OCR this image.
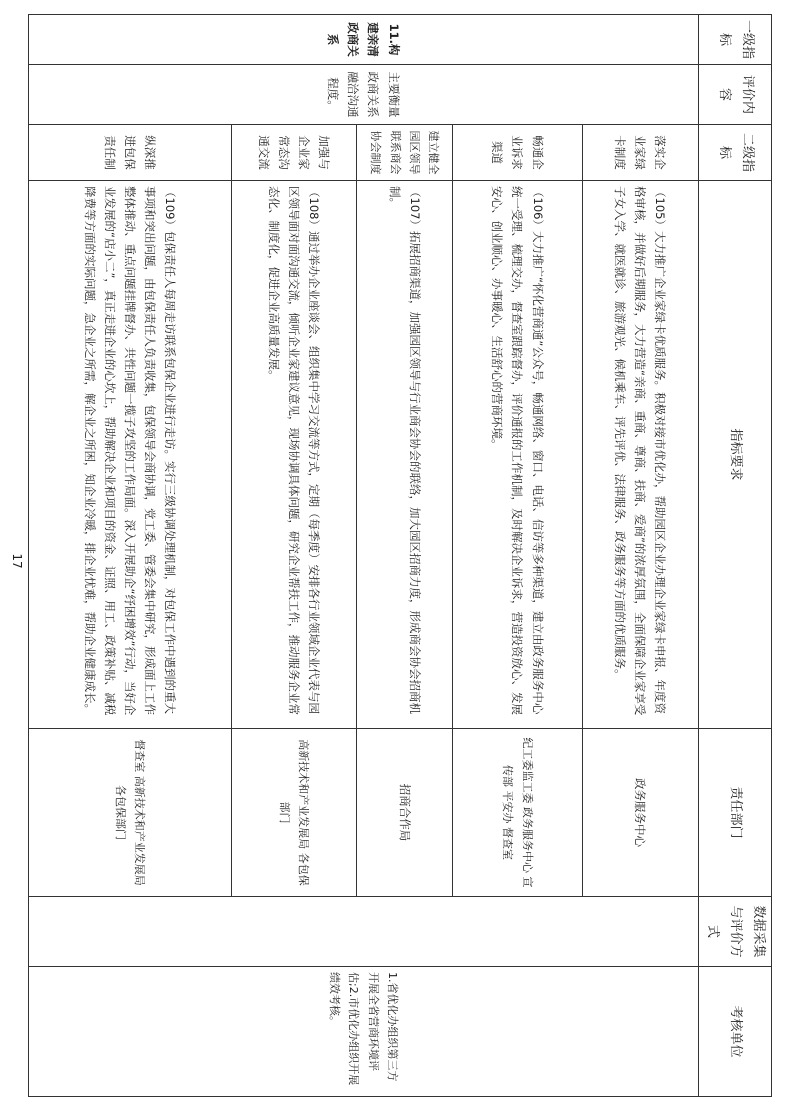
一级指标	评价内容	二级指标	指标要求	责任部门	数据采集与评价方式	考核单位
11.构建亲清政商关系	主要衡量政商关系融洽沟通程度。	落实企业家绿卡制度	（105）大力推广企业家绿卡优质服务。积极对接市优化办，帮助园区企业办理企业家绿卡申报、年度资格审核，并做好后期服务，大力营造“亲商、重商、尊商、扶商、爱商”的浓厚氛围，全面保障企业家享受子女入学、就医就诊、旅游观光、候机乘车、评先评优、法律服务、政务服务等方面的优质服务。	政务服务中心		1.省优化办组织第三方开展全省营商环境评估;2.市优化办组织开展绩效考核。
		畅通企业诉求渠道	（106）大力推广“怀化营商通”公众号，畅通网络、窗口、电话、信访等多种渠道，建立由政务服务中心统一受理、梳理交办，督查室跟踪督办，评价通报的工作机制，及时解决企业诉求，营造投资放心、发展安心、创业顺心、办事暖心、生活舒心的营商环境。	纪工委监工委 政务服务中心 宣传部 平安办 督查室		
		建立健全园区领导联系商会协会制度	（107）拓展招商渠道，加强园区领导与行业商会协会的联络，加大园区招商力度，形成商会协会招商机制。	招商合作局		
		加强与企业家常态沟通交流	（108）通过举办企业座谈会、组织集中学习交流等方式，定期（每季度）安排各行业领域企业代表与园区领导面对面沟通交流，倾听企业家建议意见，现场协调具体问题，研究企业帮扶工作，推动服务企业常态化、制度化，促进企业高质量发展。	高新技术和产业发展局 各包保部门		
		纵深推进包保责任制	（109）包保责任人每周走访联系包保企业进行走访。实行三级协调处理机制，对包保工作中遇到的重大事项和突出问题，由包保责任人负责收集，包保领导会商协调，党工委、管委会集中研究，形成面上工作整体推动、重点问题挂牌督办、共性问题一揽子攻坚的工作局面。深入开展助企“纾困增效”行动，当好企业发展的“店小二”，真正走进企业的心坎上，帮助解决企业和项目的资金、证照、用工、政策补贴、减税降费等方面的实际问题，急企业之所需，解企业之所困，知企业冷暖，排企业忧难，帮助企业健康成长。	督查室 高新技术和产业发展局 各包保部门		
17
